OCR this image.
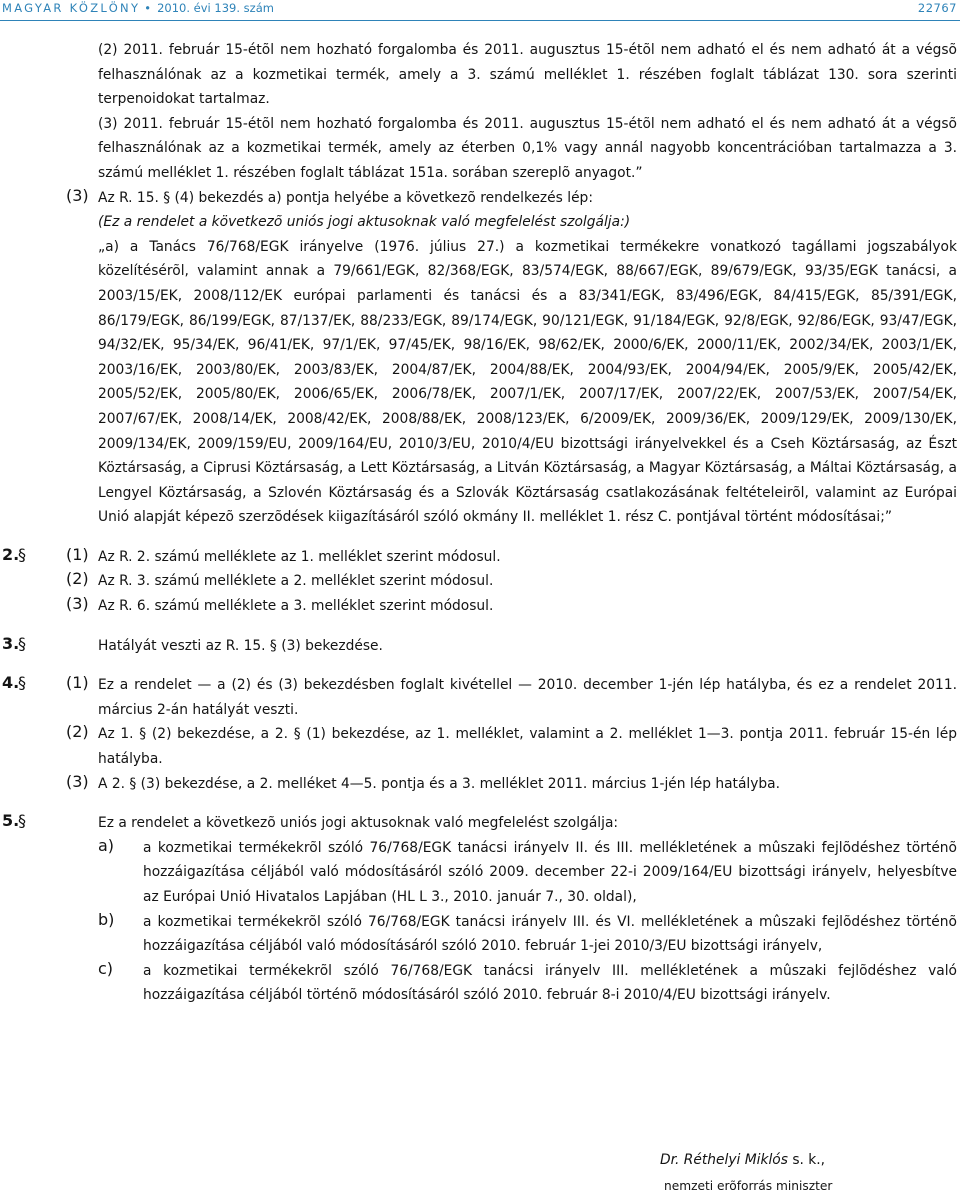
MAGYAR KÖZLÖNY • 2010. évi 139. szám	22767

(2) 2011. február 15-étõl nem hozható forgalomba és 2011. augusztus 15-étõl nem adható el és nem adható át a végsõ felhasználónak az a kozmetikai termék, amely a 3. számú melléklet 1. részében foglalt táblázat 130. sora szerinti terpenoidokat tartalmaz.

(3) 2011. február 15-étõl nem hozható forgalomba és 2011. augusztus 15-étõl nem adható el és nem adható át a végsõ felhasználónak az a kozmetikai termék, amely az éterben 0,1% vagy annál nagyobb koncentrációban tartalmazza a 3. számú melléklet 1. részében foglalt táblázat 151a. sorában szereplõ anyagot.”

(3) Az R. 15. § (4) bekezdés a) pontja helyébe a következõ rendelkezés lép:

(Ez a rendelet a következõ uniós jogi aktusoknak való megfelelést szolgálja:)

„a) a Tanács 76/768/EGK irányelve (1976. július 27.) a kozmetikai termékekre vonatkozó tagállami jogszabályok közelítésérõl, valamint annak a 79/661/EGK, 82/368/EGK, 83/574/EGK, 88/667/EGK, 89/679/EGK, 93/35/EGK tanácsi, a 2003/15/EK, 2008/112/EK európai parlamenti és tanácsi és a 83/341/EGK, 83/496/EGK, 84/415/EGK, 85/391/EGK, 86/179/EGK, 86/199/EGK, 87/137/EK, 88/233/EGK, 89/174/EGK, 90/121/EGK, 91/184/EGK, 92/8/EGK, 92/86/EGK, 93/47/EGK, 94/32/EK, 95/34/EK, 96/41/EK, 97/1/EK, 97/45/EK, 98/16/EK, 98/62/EK, 2000/6/EK, 2000/11/EK, 2002/34/EK, 2003/1/EK, 2003/16/EK, 2003/80/EK, 2003/83/EK, 2004/87/EK, 2004/88/EK, 2004/93/EK, 2004/94/EK, 2005/9/EK, 2005/42/EK, 2005/52/EK, 2005/80/EK, 2006/65/EK, 2006/78/EK, 2007/1/EK, 2007/17/EK, 2007/22/EK, 2007/53/EK, 2007/54/EK, 2007/67/EK, 2008/14/EK, 2008/42/EK, 2008/88/EK, 2008/123/EK, 6/2009/EK, 2009/36/EK, 2009/129/EK, 2009/130/EK, 2009/134/EK, 2009/159/EU, 2009/164/EU, 2010/3/EU, 2010/4/EU bizottsági irányelvekkel és a Cseh Köztársaság, az Észt Köztársaság, a Ciprusi Köztársaság, a Lett Köztársaság, a Litván Köztársaság, a Magyar Köztársaság, a Máltai Köztársaság, a Lengyel Köztársaság, a Szlovén Köztársaság és a Szlovák Köztársaság csatlakozásának feltételeirõl, valamint az Európai Unió alapját képezõ szerzõdések kiigazításáról szóló okmány II. melléklet 1. rész C. pontjával történt módosításai;”

2.
§	(1) Az R. 2. számú melléklete az 1. melléklet szerint módosul.

(2) Az R. 3. számú melléklete a 2. melléklet szerint módosul.

(3) Az R. 6. számú melléklete a 3. melléklet szerint módosul.

3.
§	Hatályát veszti az R. 15. § (3) bekezdése.

4.
§	(1) Ez a rendelet — a (2) és (3) bekezdésben foglalt kivétellel — 2010. december 1-jén lép hatályba, és ez a rendelet 2011. március 2-án hatályát veszti.

(2) Az 1. § (2) bekezdése, a 2. § (1) bekezdése, az 1. melléklet, valamint a 2. melléklet 1—3. pontja 2011. február 15-én lép hatályba.

(3) A 2. § (3) bekezdése, a 2. melléket 4—5. pontja és a 3. melléklet 2011. március 1-jén lép hatályba.

5.
§	Ez a rendelet a következõ uniós jogi aktusoknak való megfelelést szolgálja:

a)	a kozmetikai termékekrõl szóló 76/768/EGK tanácsi irányelv II. és III. mellékletének a mûszaki fejlõdéshez történõ hozzáigazítása céljából való módosításáról szóló 2009. december 22-i 2009/164/EU bizottsági irányelv, helyesbítve az Európai Unió Hivatalos Lapjában (HL L 3., 2010. január 7., 30. oldal),

b)	a kozmetikai termékekrõl szóló 76/768/EGK tanácsi irányelv III. és VI. mellékletének a mûszaki fejlõdéshez történõ hozzáigazítása céljából való módosításáról szóló 2010. február 1-jei 2010/3/EU bizottsági irányelv,

c)	a kozmetikai termékekrõl szóló 76/768/EGK tanácsi irányelv III. mellékletének a mûszaki fejlõdéshez való hozzáigazítása céljából történõ módosításáról szóló 2010. február 8-i 2010/4/EU bizottsági irányelv.

Dr. Réthelyi Miklós s. k.,
nemzeti erõforrás miniszter
